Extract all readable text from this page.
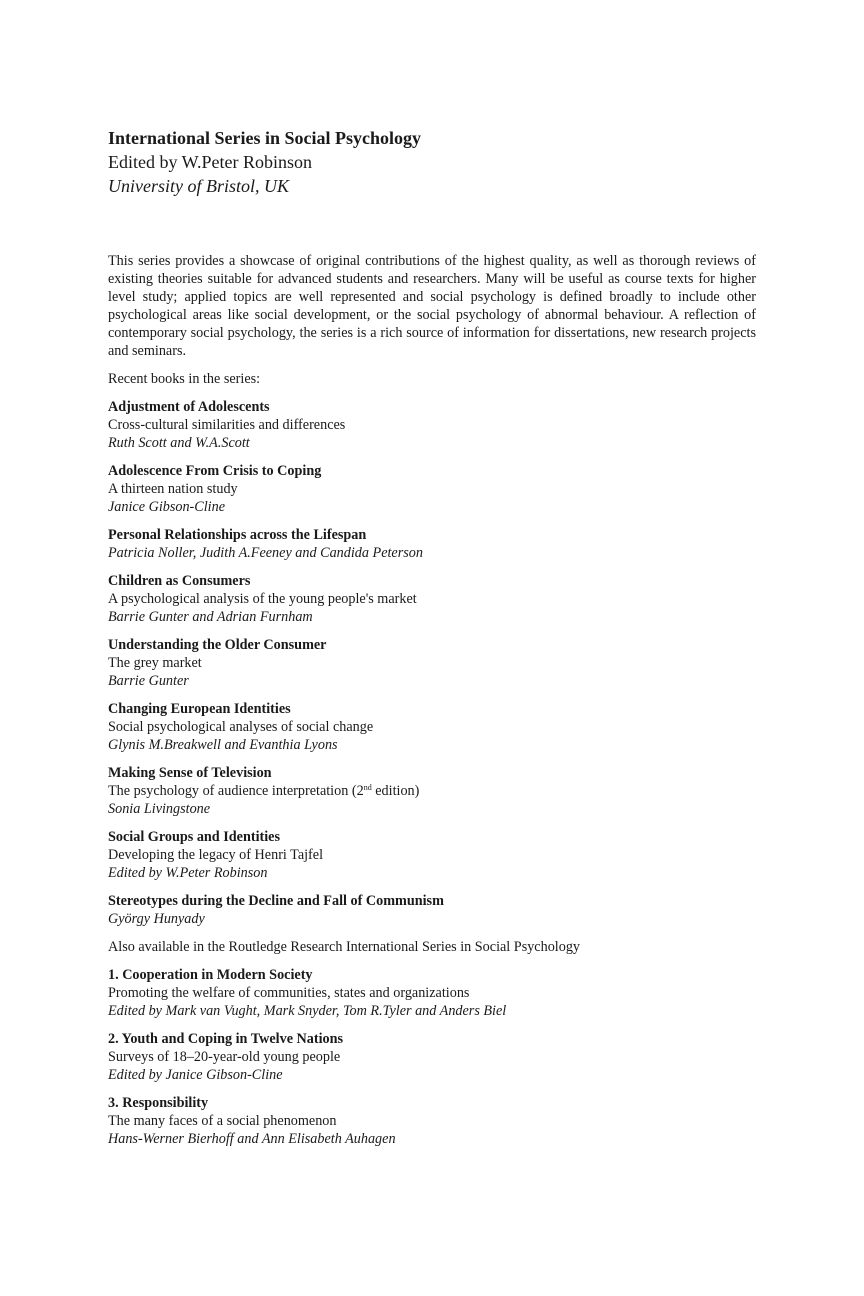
International Series in Social Psychology

Edited by W.Peter Robinson

University of Bristol, UK

This series provides a showcase of original contributions of the highest quality, as well as thorough reviews of existing theories suitable for advanced students and researchers. Many will be useful as course texts for higher level study; applied topics are well represented and social psychology is defined broadly to include other psychological areas like social development, or the social psychology of abnormal behaviour. A reflection of contemporary social psychology, the series is a rich source of information for dissertations, new research projects and seminars.
Recent books in the series:
Adjustment of Adolescents
Cross-cultural similarities and differences
Ruth Scott and W.A.Scott
Adolescence From Crisis to Coping
A thirteen nation study
Janice Gibson-Cline
Personal Relationships across the Lifespan
Patricia Noller, Judith A.Feeney and Candida Peterson
Children as Consumers
A psychological analysis of the young people's market
Barrie Gunter and Adrian Furnham
Understanding the Older Consumer
The grey market
Barrie Gunter
Changing European Identities
Social psychological analyses of social change
Glynis M.Breakwell and Evanthia Lyons
Making Sense of Television
The psychology of audience interpretation (2nd edition)
Sonia Livingstone
Social Groups and Identities
Developing the legacy of Henri Tajfel
Edited by W.Peter Robinson
Stereotypes during the Decline and Fall of Communism
György Hunyady
Also available in the Routledge Research International Series in Social Psychology
1. Cooperation in Modern Society
Promoting the welfare of communities, states and organizations
Edited by Mark van Vught, Mark Snyder, Tom R.Tyler and Anders Biel
2. Youth and Coping in Twelve Nations
Surveys of 18–20-year-old young people
Edited by Janice Gibson-Cline
3. Responsibility
The many faces of a social phenomenon
Hans-Werner Bierhoff and Ann Elisabeth Auhagen
